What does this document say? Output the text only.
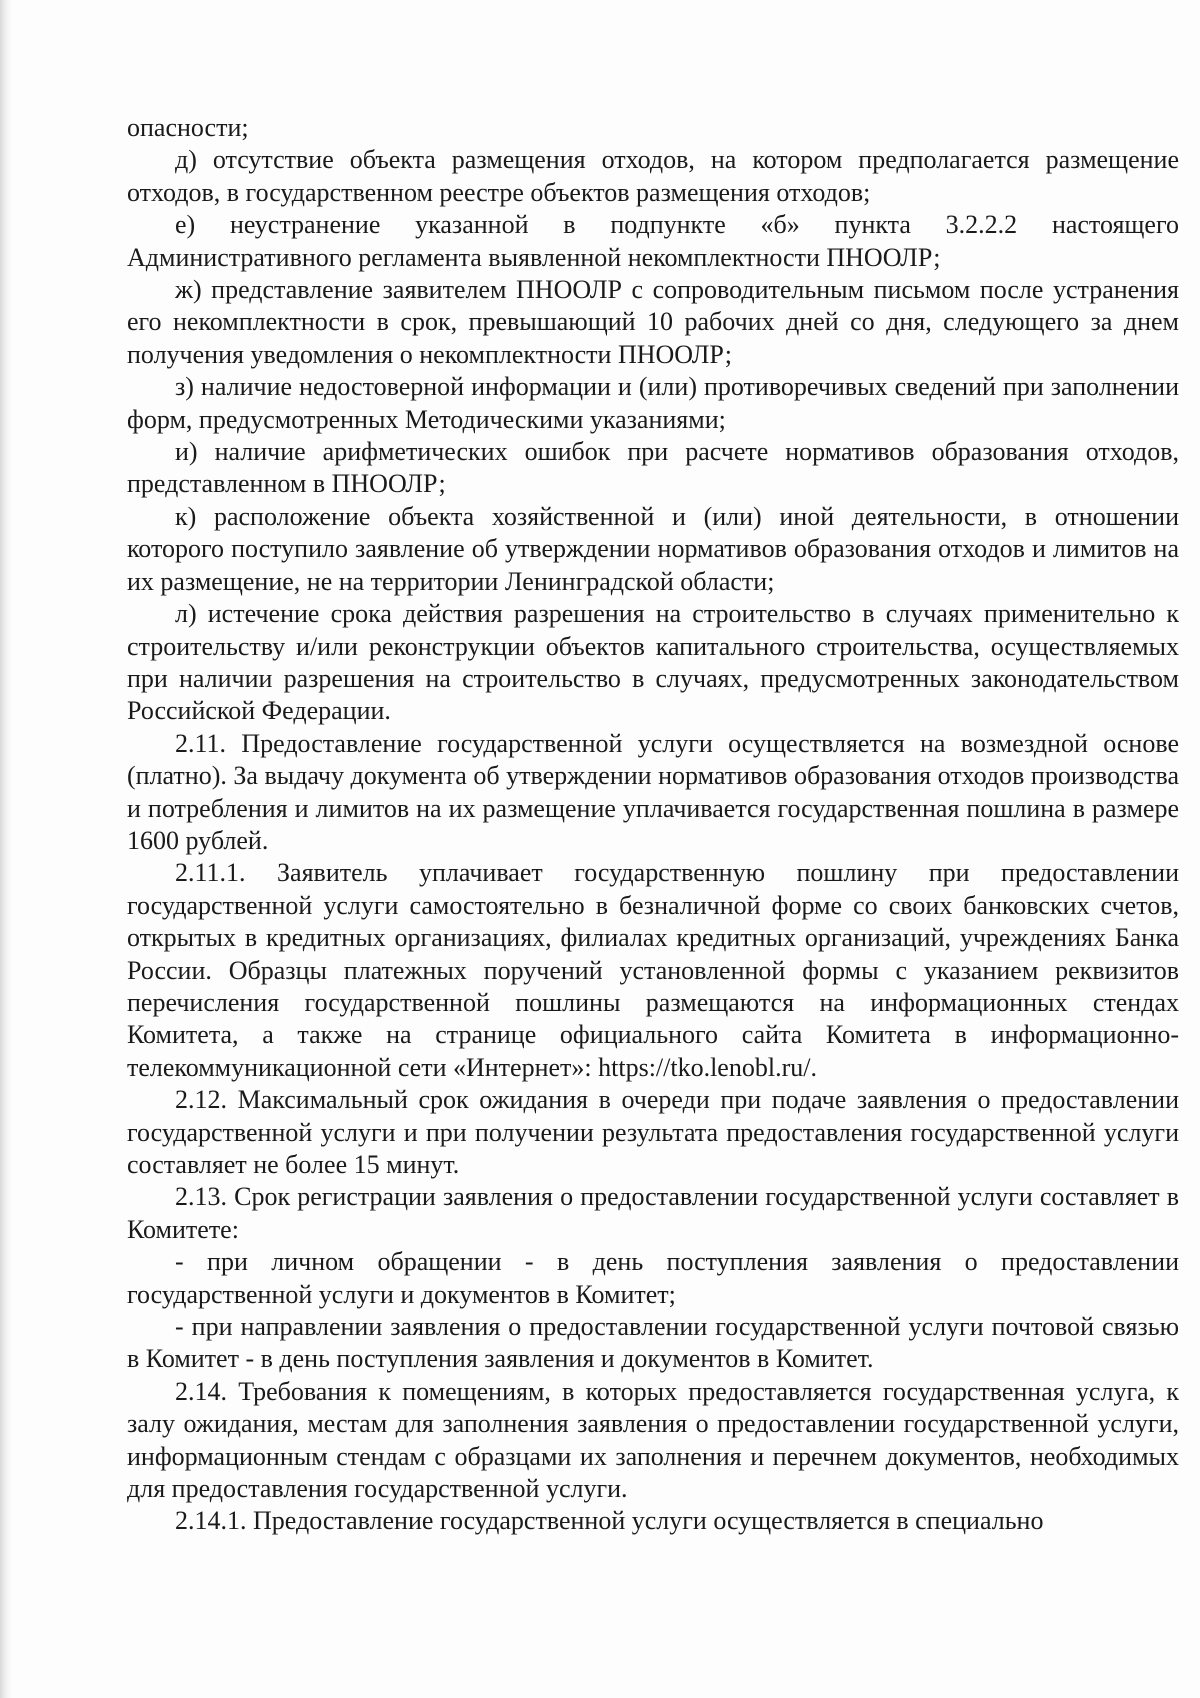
опасности;

д) отсутствие объекта размещения отходов, на котором предполагается размещение отходов, в государственном реестре объектов размещения отходов;

е) неустранение указанной в подпункте «б» пункта 3.2.2.2 настоящего Административного регламента выявленной некомплектности ПНООЛР;

ж) представление заявителем ПНООЛР с сопроводительным письмом после устранения его некомплектности в срок, превышающий 10 рабочих дней со дня, следующего за днем получения уведомления о некомплектности ПНООЛР;

з) наличие недостоверной информации и (или) противоречивых сведений при заполнении форм, предусмотренных Методическими указаниями;

и) наличие арифметических ошибок при расчете нормативов образования отходов, представленном в ПНООЛР;

к) расположение объекта хозяйственной и (или) иной деятельности, в отношении которого поступило заявление об утверждении нормативов образования отходов и лимитов на их размещение, не на территории Ленинградской области;

л) истечение срока действия разрешения на строительство в случаях применительно к строительству и/или реконструкции объектов капитального строительства, осуществляемых при наличии разрешения на строительство в случаях, предусмотренных законодательством Российской Федерации.

2.11. Предоставление государственной услуги осуществляется на возмездной основе (платно). За выдачу документа об утверждении нормативов образования отходов производства и потребления и лимитов на их размещение уплачивается государственная пошлина в размере 1600 рублей.

2.11.1. Заявитель уплачивает государственную пошлину при предоставлении государственной услуги самостоятельно в безналичной форме со своих банковских счетов, открытых в кредитных организациях, филиалах кредитных организаций, учреждениях Банка России. Образцы платежных поручений установленной формы с указанием реквизитов перечисления государственной пошлины размещаются на информационных стендах Комитета, а также на странице официального сайта Комитета в информационно-телекоммуникационной сети «Интернет»: https://tko.lenobl.ru/.

2.12. Максимальный срок ожидания в очереди при подаче заявления о предоставлении государственной услуги и при получении результата предоставления государственной услуги составляет не более 15 минут.

2.13. Срок регистрации заявления о предоставлении государственной услуги составляет в Комитете:

- при личном обращении - в день поступления заявления о предоставлении государственной услуги и документов в Комитет;

- при направлении заявления о предоставлении государственной услуги почтовой связью в Комитет - в день поступления заявления и документов в Комитет.

2.14. Требования к помещениям, в которых предоставляется государственная услуга, к залу ожидания, местам для заполнения заявления о предоставлении государственной услуги, информационным стендам с образцами их заполнения и перечнем документов, необходимых для предоставления государственной услуги.

2.14.1. Предоставление государственной услуги осуществляется в специально
